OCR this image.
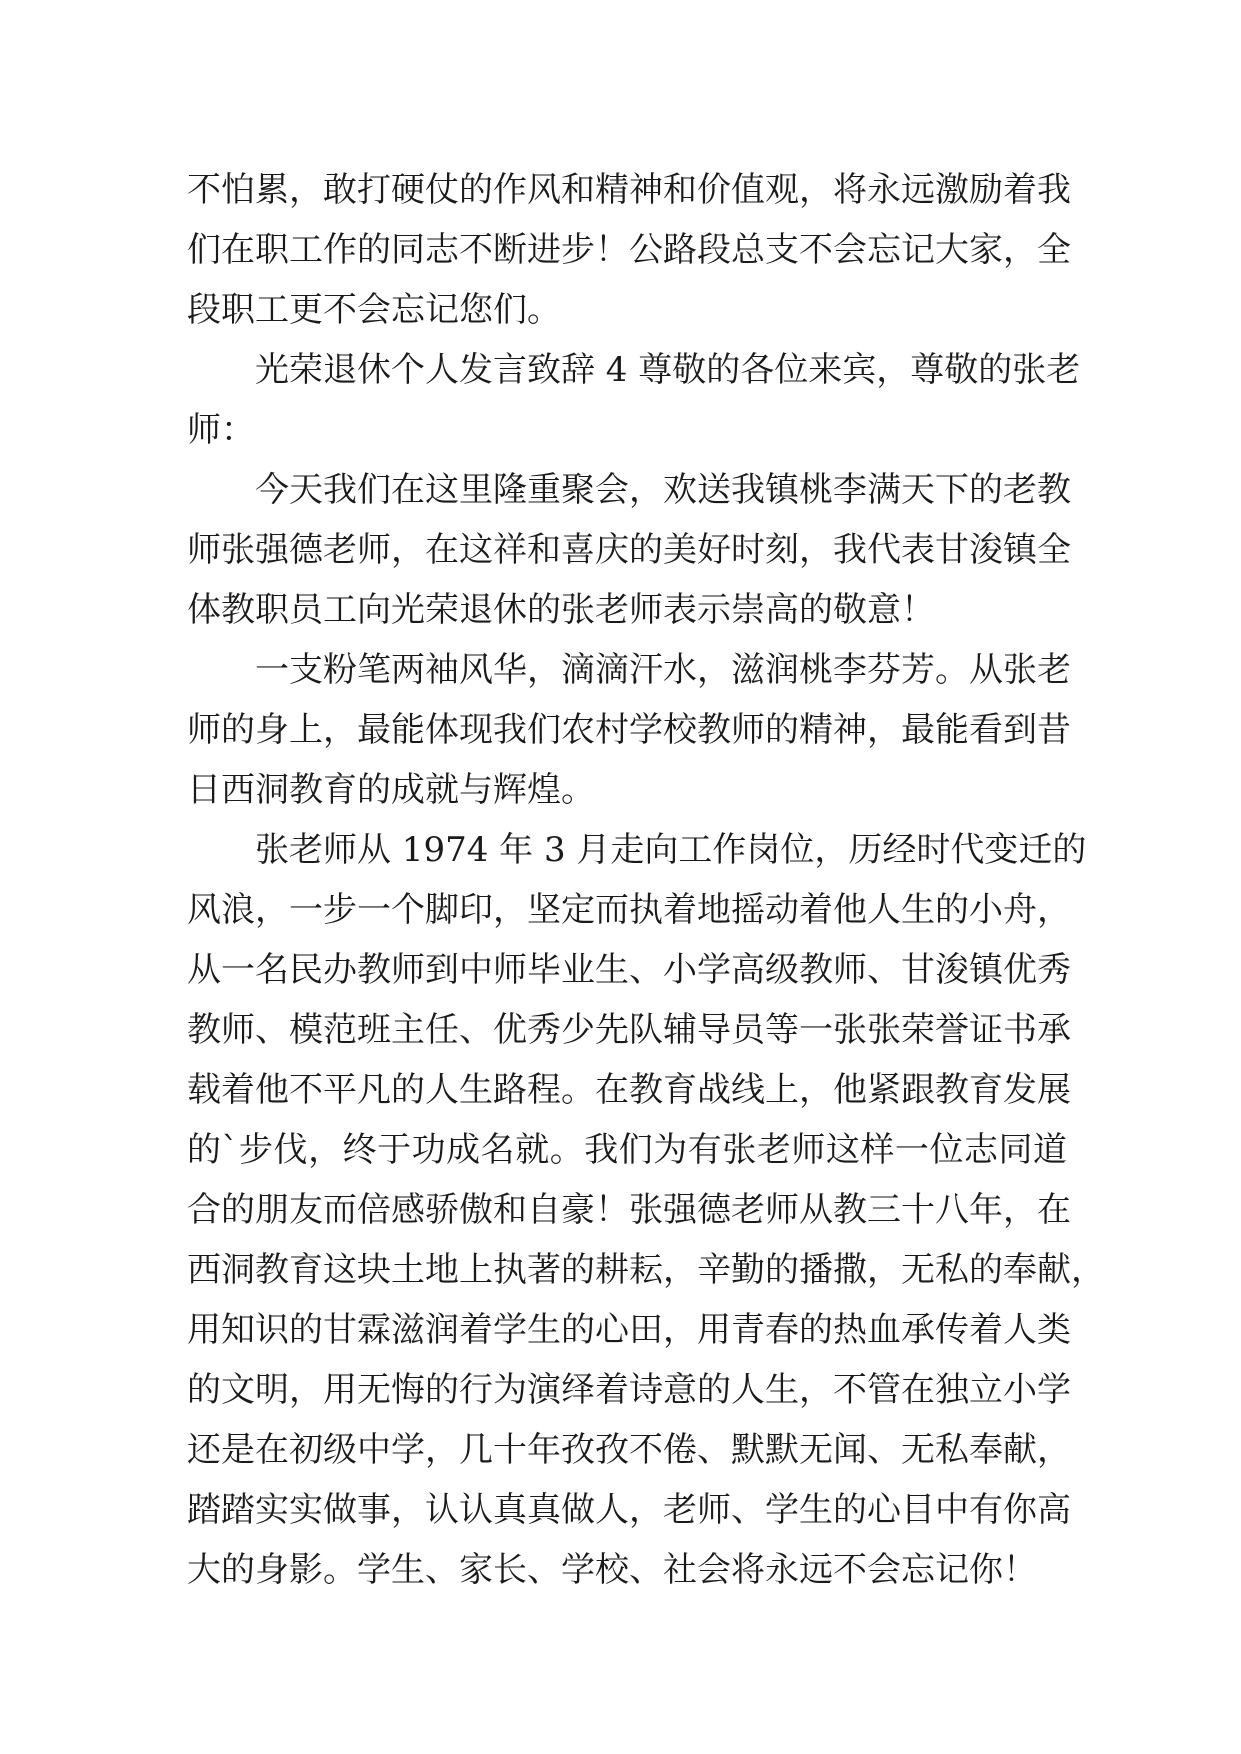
不怕累，敢打硬仗的作风和精神和价值观，将永远激励着我
们在职工作的同志不断进步！公路段总支不会忘记大家，全
段职工更不会忘记您们。
光荣退休个人发言致辞 4 尊敬的各位来宾，尊敬的张老
师：
今天我们在这里隆重聚会，欢送我镇桃李满天下的老教
师张强德老师，在这祥和喜庆的美好时刻，我代表甘浚镇全
体教职员工向光荣退休的张老师表示崇高的敬意！
一支粉笔两袖风华，滴滴汗水，滋润桃李芬芳。从张老
师的身上，最能体现我们农村学校教师的精神，最能看到昔
日西洞教育的成就与辉煌。
张老师从 1974 年 3 月走向工作岗位，历经时代变迁的
风浪，一步一个脚印，坚定而执着地摇动着他人生的小舟，
从一名民办教师到中师毕业生、小学高级教师、甘浚镇优秀
教师、模范班主任、优秀少先队辅导员等一张张荣誉证书承
载着他不平凡的人生路程。在教育战线上，他紧跟教育发展
的`步伐，终于功成名就。我们为有张老师这样一位志同道
合的朋友而倍感骄傲和自豪！张强德老师从教三十八年，在
西洞教育这块土地上执著的耕耘，辛勤的播撒，无私的奉献，
用知识的甘霖滋润着学生的心田，用青春的热血承传着人类
的文明，用无悔的行为演绎着诗意的人生，不管在独立小学
还是在初级中学，几十年孜孜不倦、默默无闻、无私奉献，
踏踏实实做事，认认真真做人，老师、学生的心目中有你高
大的身影。学生、家长、学校、社会将永远不会忘记你！
